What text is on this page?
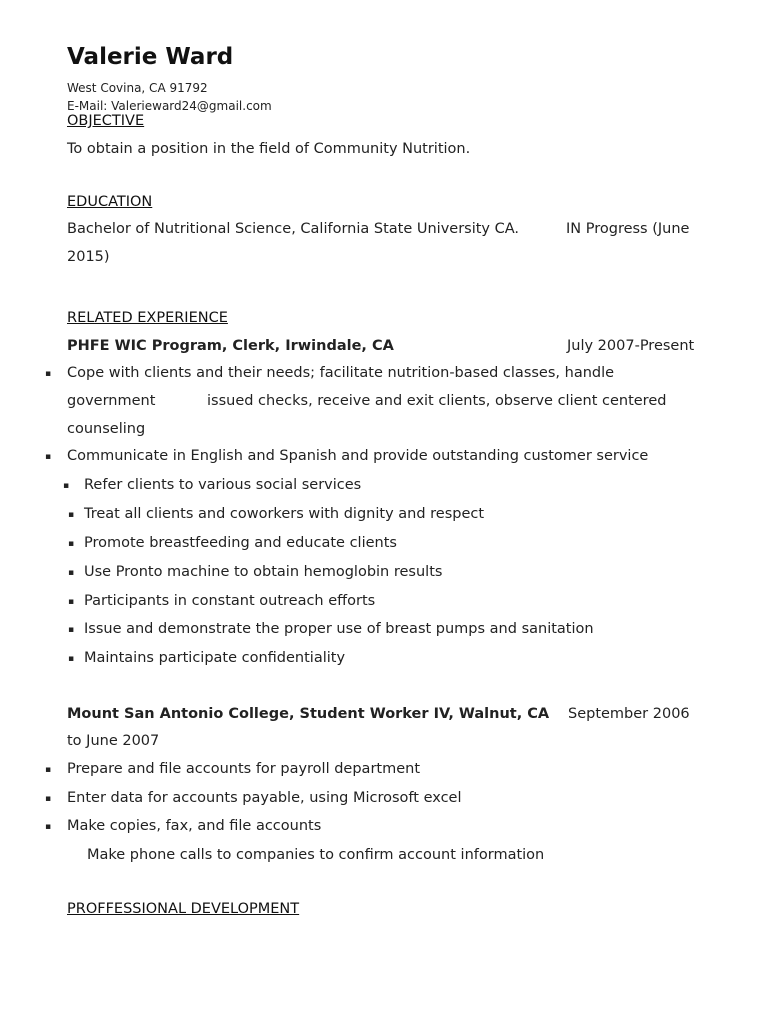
Valerie Ward
West Covina, CA 91792
E-Mail: Valerieward24@gmail.com
OBJECTIVE
To obtain a position in the field of Community Nutrition.
EDUCATION
Bachelor of Nutritional Science, California State University CA.	IN Progress (June
2015)
RELATED EXPERIENCE
PHFE WIC Program, Clerk, Irwindale, CA	July 2007-Present
▪ Cope with clients and their needs; facilitate nutrition-based classes, handle
government	issued checks, receive and exit clients, observe client centered
counseling
▪ Communicate in English and Spanish and provide outstanding customer service
▪ Refer clients to various social services
▪ Treat all clients and coworkers with dignity and respect
▪ Promote breastfeeding and educate clients
▪ Use Pronto machine to obtain hemoglobin results
▪ Participants in constant outreach efforts
▪ Issue and demonstrate the proper use of breast pumps and sanitation
▪ Maintains participate confidentiality
Mount San Antonio College, Student Worker IV, Walnut, CA September 2006
to June 2007
▪ Prepare and file accounts for payroll department
▪ Enter data for accounts payable, using Microsoft excel
▪ Make copies, fax, and file accounts
Make phone calls to companies to confirm account information
PROFFESSIONAL DEVELOPMENT
